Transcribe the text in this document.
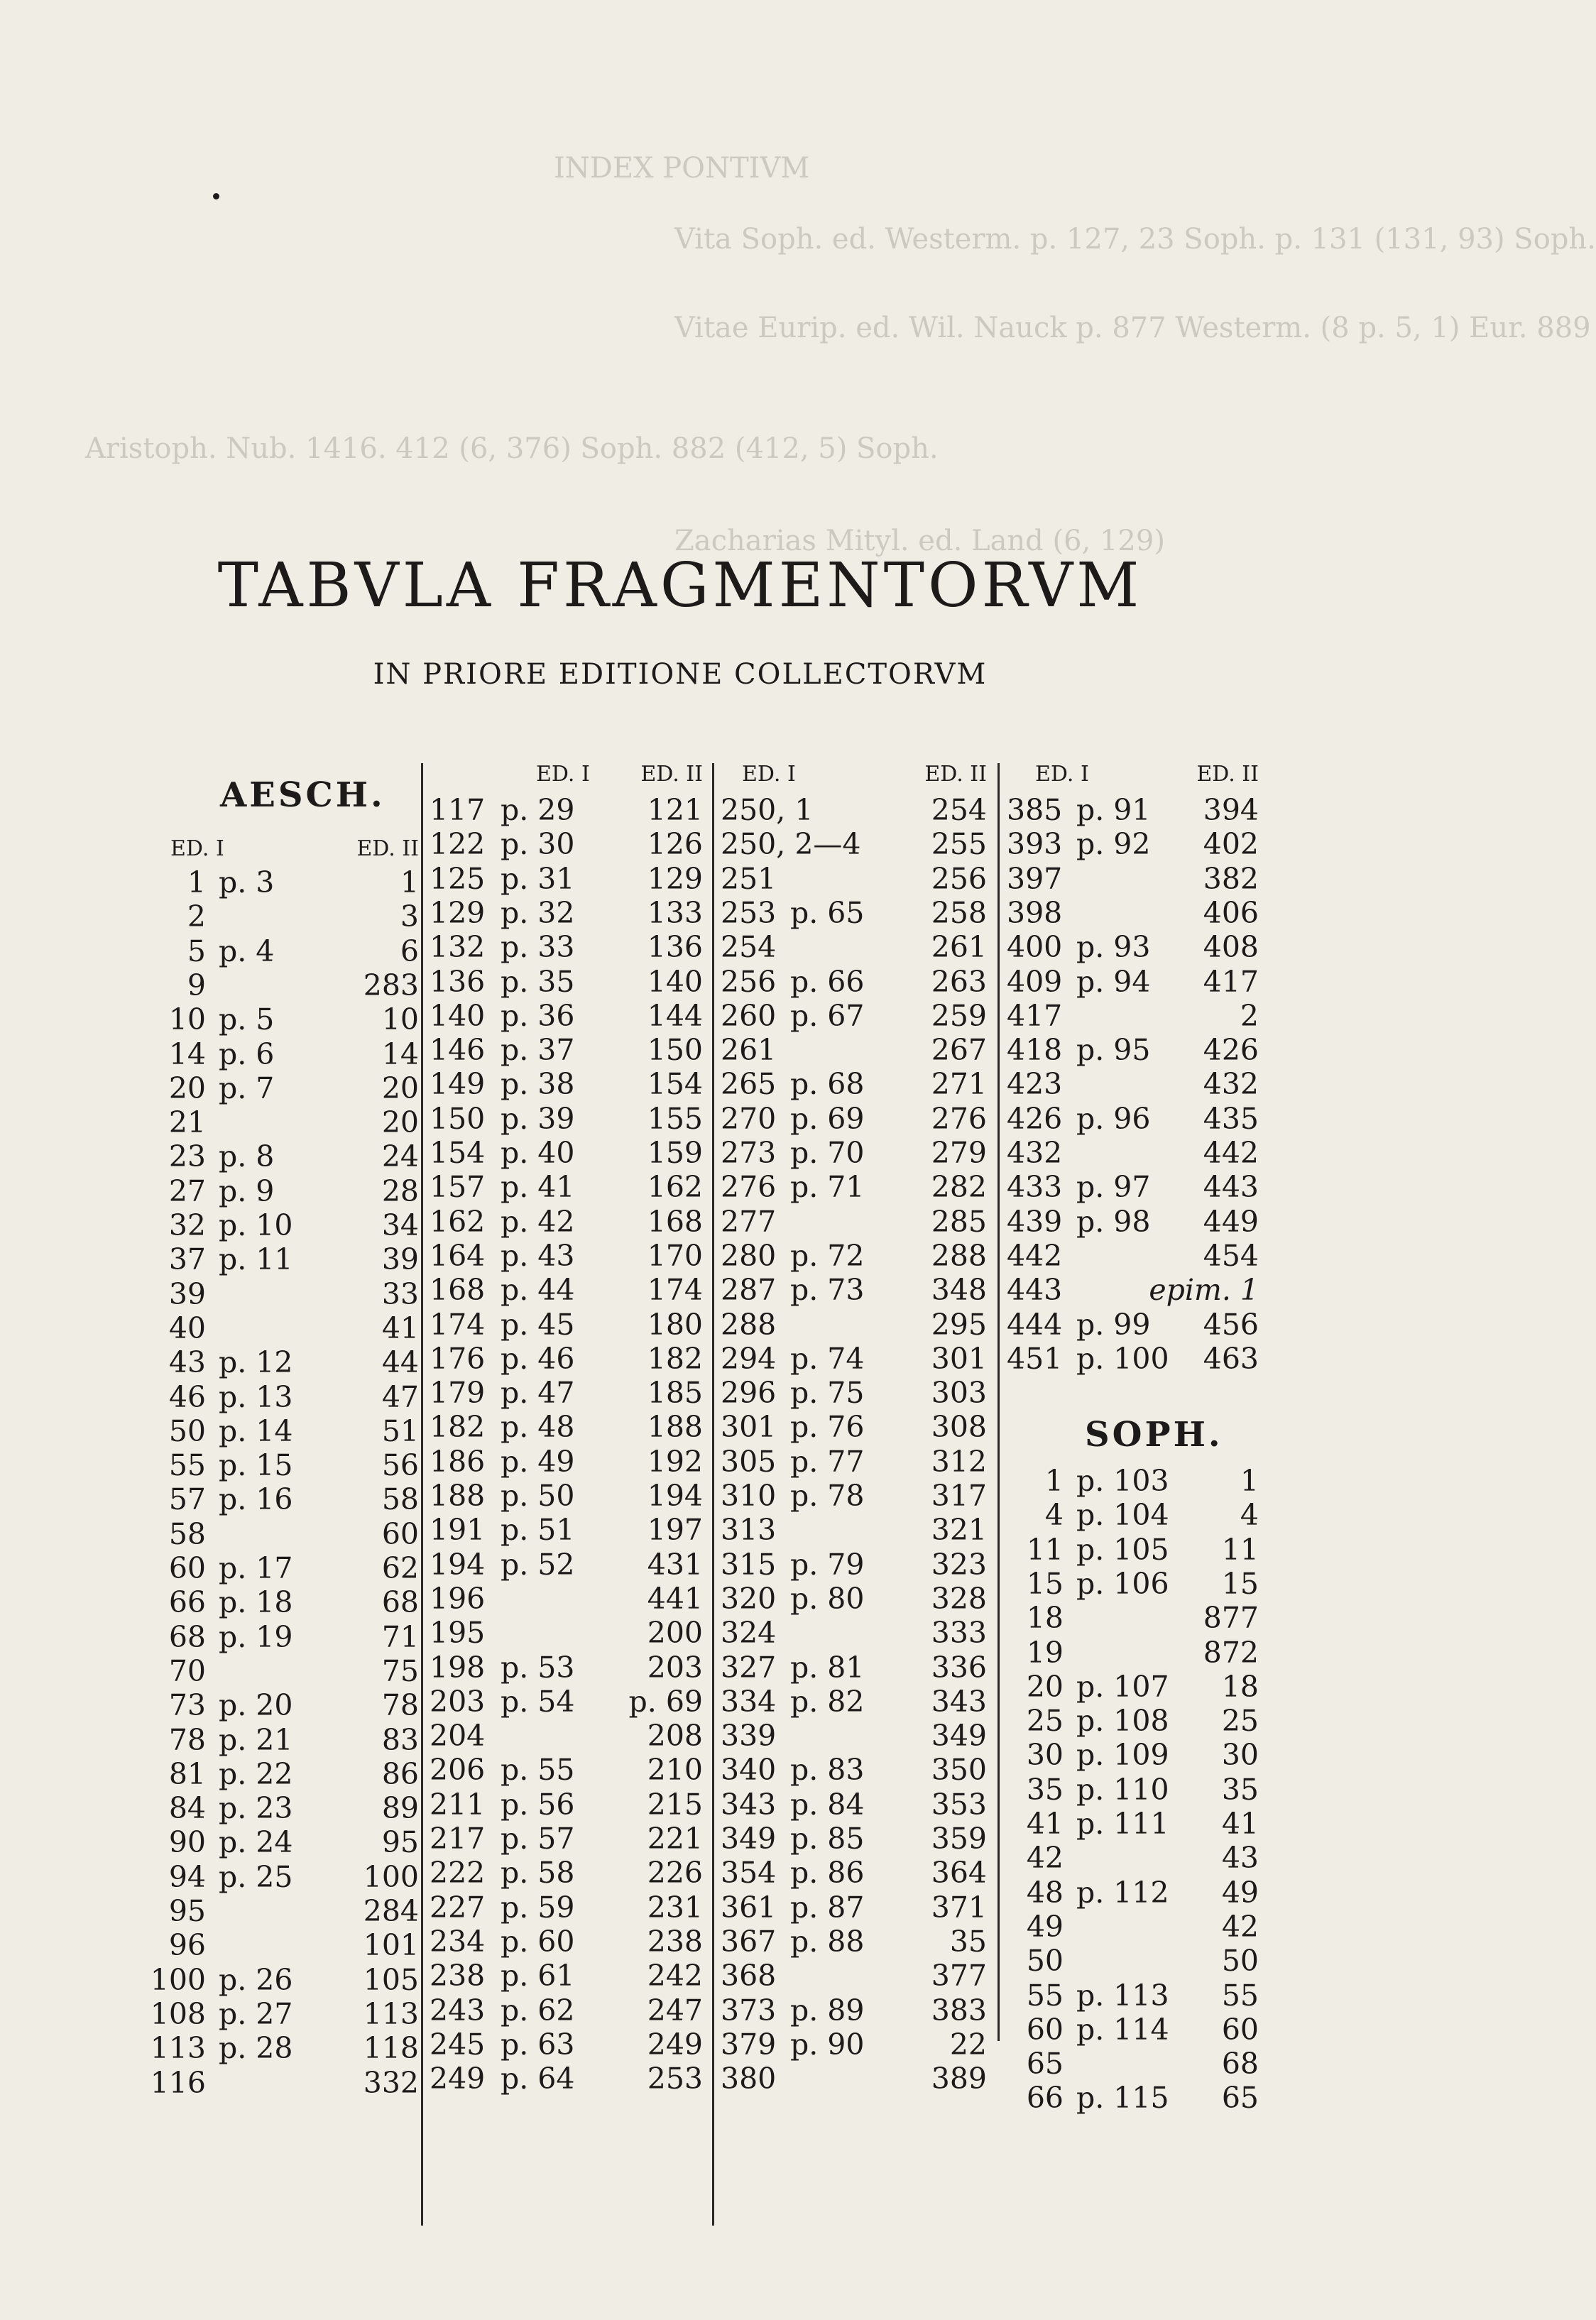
INDEX PONTIVM
Vita Soph. ed. Westerm. p. 127, 23 Soph. p. 131 (131, 93) Soph.
Vitae Eurip. ed. Wil. Nauck p. 877 Westerm. (8 p. 5, 1) Eur. 889
Aristoph. Nub. 1416. 412 (6, 376) Soph. 882 (412, 5) Soph.
Zacharias Mityl. ed. Land (6, 129)
TABVLA FRAGMENTORVM
IN PRIORE EDITIONE COLLECTORVM
AESCH.
ED. I	ED. II
1 p. 3	1
2	3
5 p. 4	6
9	283
10 p. 5	10
14 p. 6	14
20 p. 7	20
21	20
23 p. 8	24
27 p. 9	28
32 p. 10	34
37 p. 11	39
39	33
40	41
43 p. 12	44
46 p. 13	47
50 p. 14	51
55 p. 15	56
57 p. 16	58
58	60
60 p. 17	62
66 p. 18	68
68 p. 19	71
70	75
73 p. 20	78
78 p. 21	83
81 p. 22	86
84 p. 23	89
90 p. 24	95
94 p. 25	100
95	284
96	101
100 p. 26	105
108 p. 27	113
113 p. 28	118
116	332
ED. I	ED. II
117 p. 29	121
122 p. 30	126
125 p. 31	129
129 p. 32	133
132 p. 33	136
136 p. 35	140
140 p. 36	144
146 p. 37	150
149 p. 38	154
150 p. 39	155
154 p. 40	159
157 p. 41	162
162 p. 42	168
164 p. 43	170
168 p. 44	174
174 p. 45	180
176 p. 46	182
179 p. 47	185
182 p. 48	188
186 p. 49	192
188 p. 50	194
191 p. 51	197
194 p. 52	431
196	441
195	200
198 p. 53	203
203 p. 54	p. 69
204	208
206 p. 55	210
211 p. 56	215
217 p. 57	221
222 p. 58	226
227 p. 59	231
234 p. 60	238
238 p. 61	242
243 p. 62	247
245 p. 63	249
249 p. 64	253
ED. I	ED. II
250, 1	254
250, 2—4	255
251	256
253 p. 65	258
254	261
256 p. 66	263
260 p. 67	259
261	267
265 p. 68	271
270 p. 69	276
273 p. 70	279
276 p. 71	282
277	285
280 p. 72	288
287 p. 73	348
288	295
294 p. 74	301
296 p. 75	303
301 p. 76	308
305 p. 77	312
310 p. 78	317
313	321
315 p. 79	323
320 p. 80	328
324	333
327 p. 81	336
334 p. 82	343
339	349
340 p. 83	350
343 p. 84	353
349 p. 85	359
354 p. 86	364
361 p. 87	371
367 p. 88	35
368	377
373 p. 89	383
379 p. 90	22
380	389
ED. I	ED. II
385 p. 91	394
393 p. 92	402
397	382
398	406
400 p. 93	408
409 p. 94	417
417	2
418 p. 95	426
423	432
426 p. 96	435
432	442
433 p. 97	443
439 p. 98	449
442	454
443	epim. 1
444 p. 99	456
451 p. 100	463
SOPH.
1 p. 103	1
4 p. 104	4
11 p. 105	11
15 p. 106	15
18	877
19	872
20 p. 107	18
25 p. 108	25
30 p. 109	30
35 p. 110	35
41 p. 111	41
42	43
48 p. 112	49
49	42
50	50
55 p. 113	55
60 p. 114	60
65	68
66 p. 115	65
